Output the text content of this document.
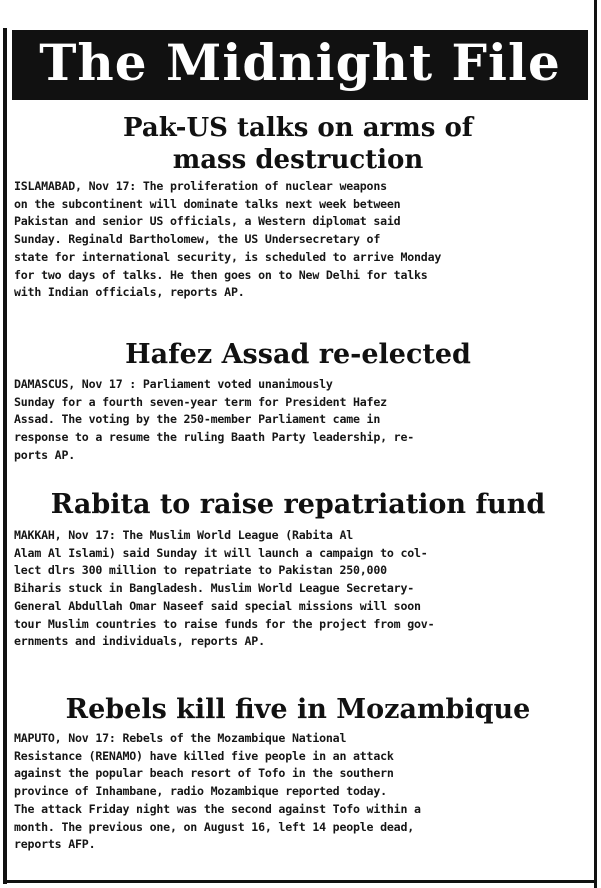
The Midnight File
Pak-US talks on arms of
mass destruction

ISLAMABAD, Nov 17: The proliferation of nuclear weapons
on the subcontinent will dominate talks next week between
Pakistan and senior US officials, a Western diplomat said
Sunday. Reginald Bartholomew, the US Undersecretary of
state for international security, is scheduled to arrive Monday
for two days of talks. He then goes on to New Delhi for talks
with Indian officials, reports AP.

Hafez Assad re-elected

DAMASCUS, Nov 17 : Parliament voted unanimously
Sunday for a fourth seven-year term for President Hafez
Assad. The voting by the 250-member Parliament came in
response to a resume the ruling Baath Party leadership, re-
ports AP.

Rabita to raise repatriation fund

MAKKAH, Nov 17: The Muslim World League (Rabita Al
Alam Al Islami) said Sunday it will launch a campaign to col-
lect dlrs 300 million to repatriate to Pakistan 250,000
Biharis stuck in Bangladesh. Muslim World League Secretary-
General Abdullah Omar Naseef said special missions will soon
tour Muslim countries to raise funds for the project from gov-
ernments and individuals, reports AP.

Rebels kill five in Mozambique

MAPUTO, Nov 17: Rebels of the Mozambique National
Resistance (RENAMO) have killed five people in an attack
against the popular beach resort of Tofo in the southern
province of Inhambane, radio Mozambique reported today.
The attack Friday night was the second against Tofo within a
month. The previous one, on August 16, left 14 people dead,
reports AFP.
